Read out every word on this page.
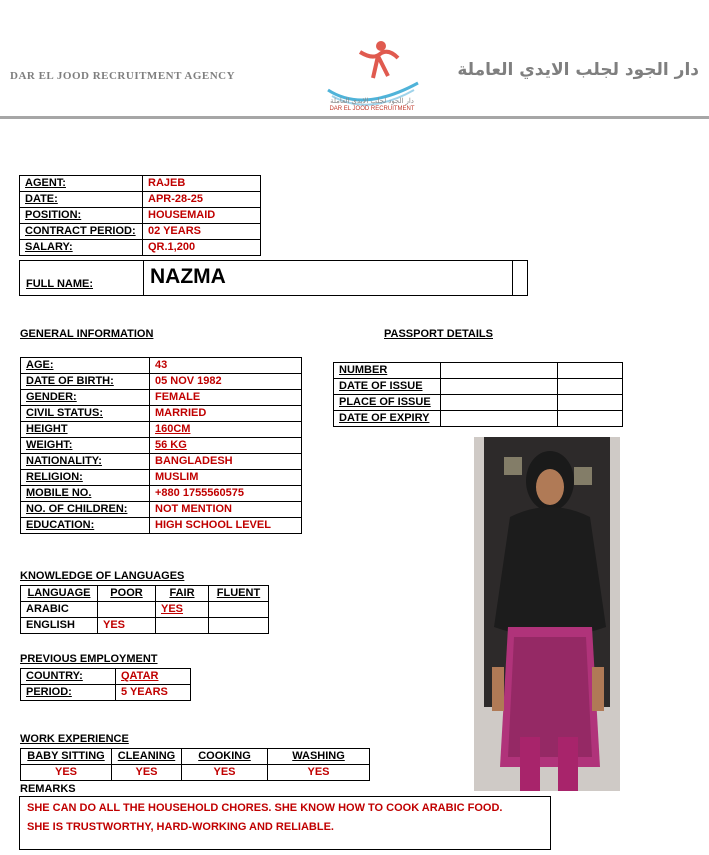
DAR EL JOOD RECRUITMENT AGENCY
دار الجود لجلب الايدي العاملة
DAR EL JOOD RECRUITMENT
دار الجود لجلب الايدي العاملة
AGENT:	RAJEB
DATE:	APR-28-25
POSITION:	HOUSEMAID
CONTRACT PERIOD:	02 YEARS
SALARY:	QR.1,200
FULL NAME:	NAZMA
GENERAL INFORMATION	PASSPORT DETAILS
AGE:	43
DATE OF BIRTH:	05 NOV 1982
GENDER:	FEMALE
CIVIL STATUS:	MARRIED
HEIGHT	160CM
WEIGHT:	56 KG
NATIONALITY:	BANGLADESH
RELIGION:	MUSLIM
MOBILE NO.	+880 1755560575
NO. OF CHILDREN:	NOT MENTION
EDUCATION:	HIGH SCHOOL LEVEL
NUMBER		
DATE OF ISSUE		
PLACE OF ISSUE		
DATE OF EXPIRY		
KNOWLEDGE OF LANGUAGES
LANGUAGE	POOR	FAIR	FLUENT
ARABIC		YES	
ENGLISH	YES		
PREVIOUS EMPLOYMENT
COUNTRY:	QATAR
PERIOD:	5 YEARS
WORK EXPERIENCE
BABY SITTING	CLEANING	COOKING	WASHING
YES	YES	YES	YES
REMARKS
SHE CAN DO ALL THE HOUSEHOLD CHORES. SHE KNOW HOW TO COOK ARABIC FOOD.
SHE IS TRUSTWORTHY, HARD-WORKING AND RELIABLE.
